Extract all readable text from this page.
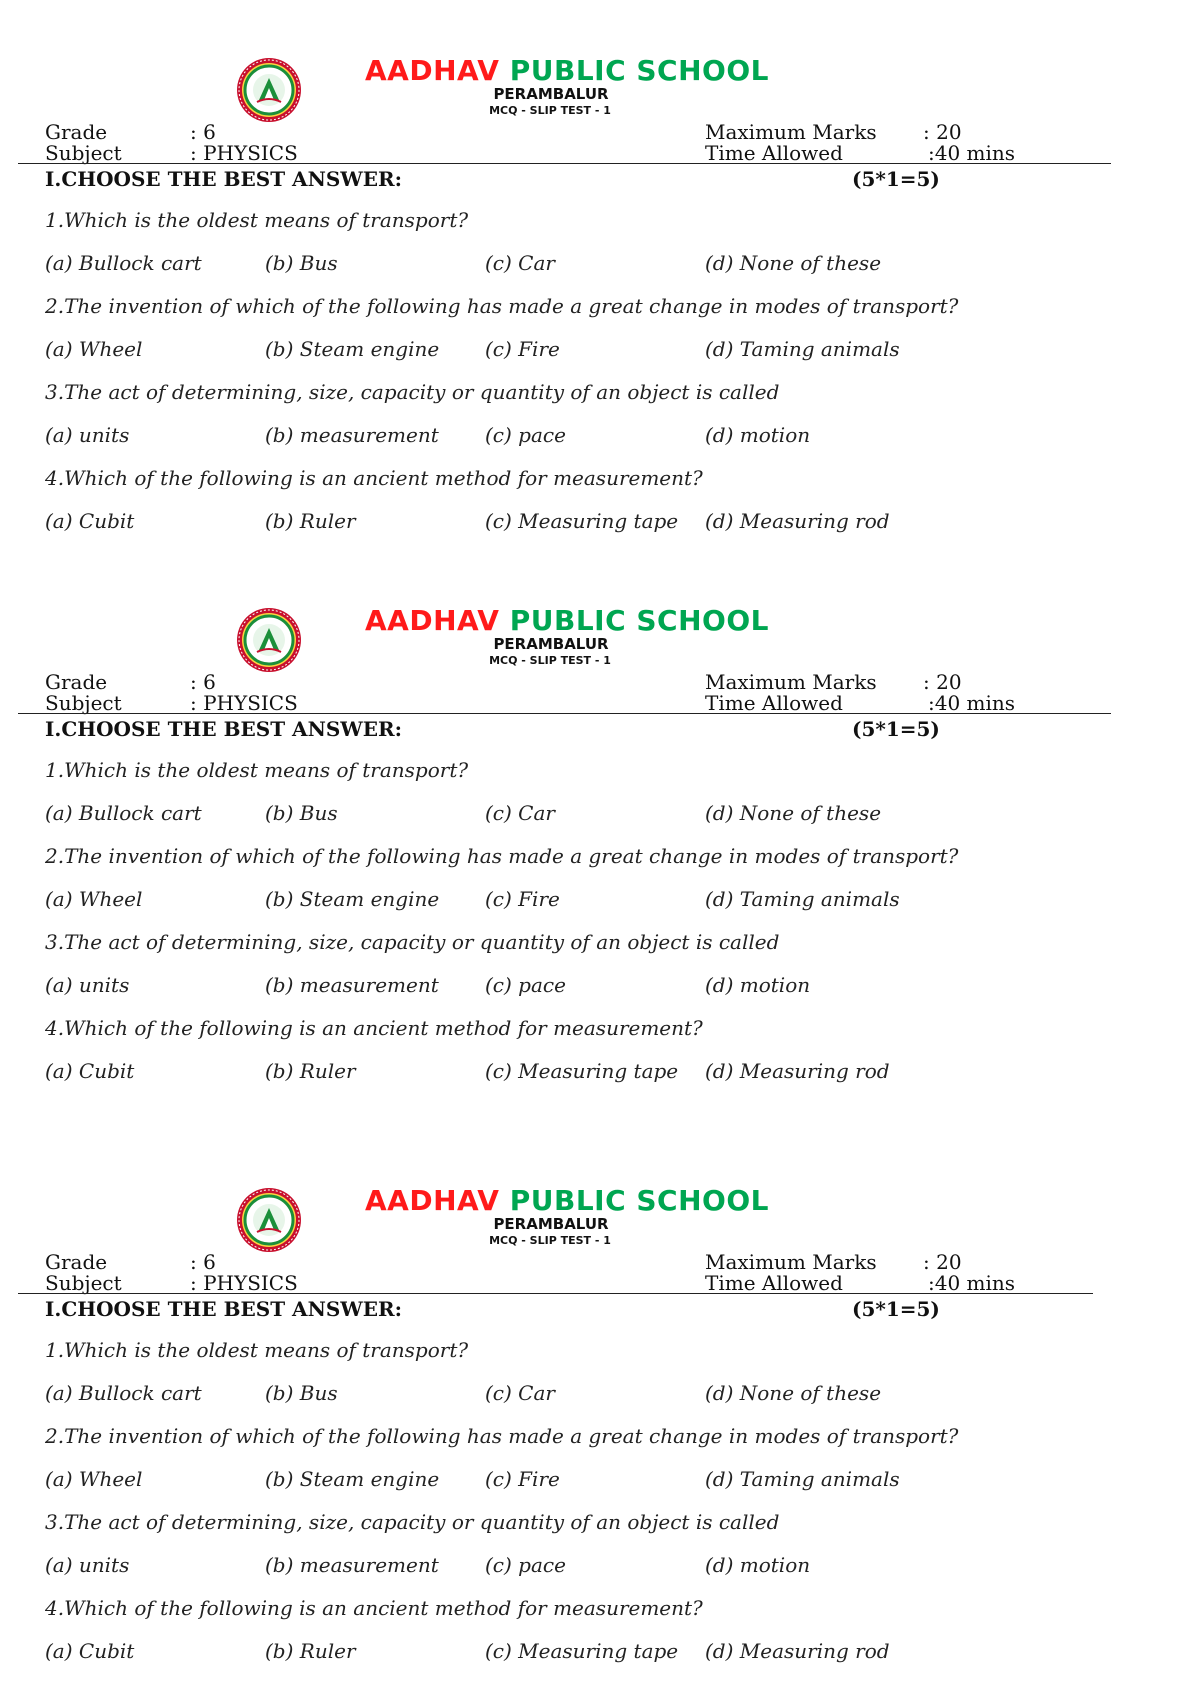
AADHAV PUBLIC SCHOOL
PERAMBALUR
MCQ - SLIP TEST - 1
Grade	: 6
Subject	: PHYSICS
Maximum Marks : 20
Time Allowed	:40 mins
I.CHOOSE THE BEST ANSWER:	(5*1=5)
1.Which is the oldest means of transport?
(a) Bullock cart	(b) Bus	(c) Car	(d) None of these
2.The invention of which of the following has made a great change in modes of transport?
(a) Wheel	(b) Steam engine (c) Fire	(d) Taming animals
3.The act of determining, size, capacity or quantity of an object is called
(a) units	(b) measurement (c) pace	(d) motion
4.Which of the following is an ancient method for measurement?
(a) Cubit	(b) Ruler	(c) Measuring tape (d) Measuring rod
AADHAV PUBLIC SCHOOL
PERAMBALUR
MCQ - SLIP TEST - 1
Grade	: 6
Subject	: PHYSICS
Maximum Marks : 20
Time Allowed	:40 mins
I.CHOOSE THE BEST ANSWER:	(5*1=5)
1.Which is the oldest means of transport?
(a) Bullock cart	(b) Bus	(c) Car	(d) None of these
2.The invention of which of the following has made a great change in modes of transport?
(a) Wheel	(b) Steam engine (c) Fire	(d) Taming animals
3.The act of determining, size, capacity or quantity of an object is called
(a) units	(b) measurement (c) pace	(d) motion
4.Which of the following is an ancient method for measurement?
(a) Cubit	(b) Ruler	(c) Measuring tape (d) Measuring rod
AADHAV PUBLIC SCHOOL
PERAMBALUR
MCQ - SLIP TEST - 1
Grade	: 6
Subject	: PHYSICS
Maximum Marks : 20
Time Allowed	:40 mins
I.CHOOSE THE BEST ANSWER:	(5*1=5)
1.Which is the oldest means of transport?
(a) Bullock cart	(b) Bus	(c) Car	(d) None of these
2.The invention of which of the following has made a great change in modes of transport?
(a) Wheel	(b) Steam engine (c) Fire	(d) Taming animals
3.The act of determining, size, capacity or quantity of an object is called
(a) units	(b) measurement (c) pace	(d) motion
4.Which of the following is an ancient method for measurement?
(a) Cubit	(b) Ruler	(c) Measuring tape (d) Measuring rod
